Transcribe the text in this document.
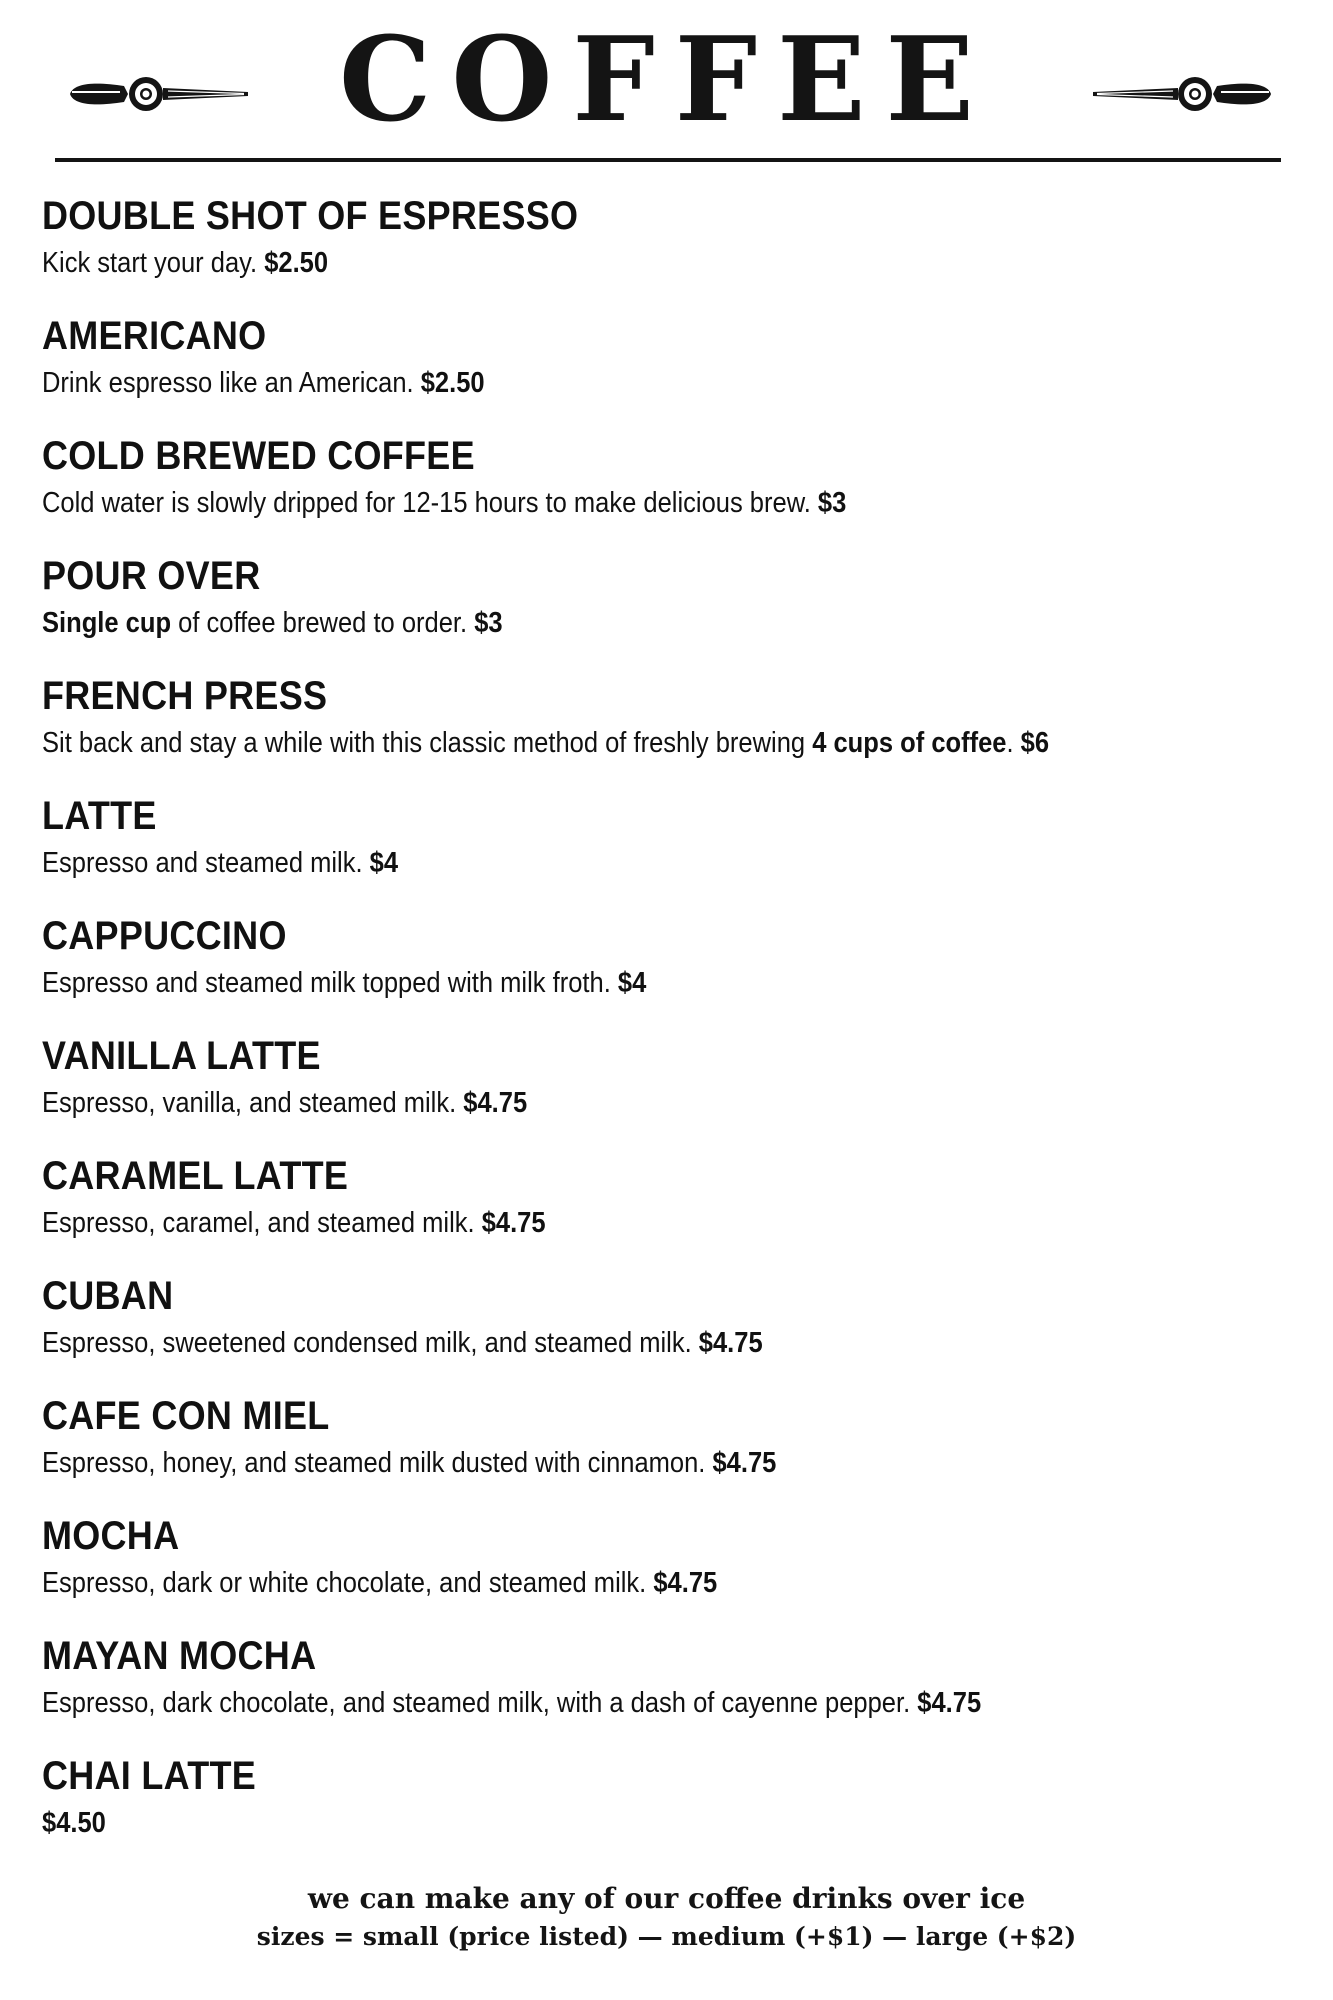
COFFEE
DOUBLE SHOT OF ESPRESSO
Kick start your day. $2.50
AMERICANO
Drink espresso like an American. $2.50
COLD BREWED COFFEE
Cold water is slowly dripped for 12-15 hours to make delicious brew. $3
POUR OVER
Single cup of coffee brewed to order. $3
FRENCH PRESS
Sit back and stay a while with this classic method of freshly brewing 4 cups of coffee. $6
LATTE
Espresso and steamed milk. $4
CAPPUCCINO
Espresso and steamed milk topped with milk froth. $4
VANILLA LATTE
Espresso, vanilla, and steamed milk. $4.75
CARAMEL LATTE
Espresso, caramel, and steamed milk. $4.75
CUBAN
Espresso, sweetened condensed milk, and steamed milk. $4.75
CAFE CON MIEL
Espresso, honey, and steamed milk dusted with cinnamon. $4.75
MOCHA
Espresso, dark or white chocolate, and steamed milk. $4.75
MAYAN MOCHA
Espresso, dark chocolate, and steamed milk, with a dash of cayenne pepper. $4.75
CHAI LATTE
$4.50
we can make any of our coffee drinks over ice
sizes = small (price listed) — medium (+$1) — large (+$2)
